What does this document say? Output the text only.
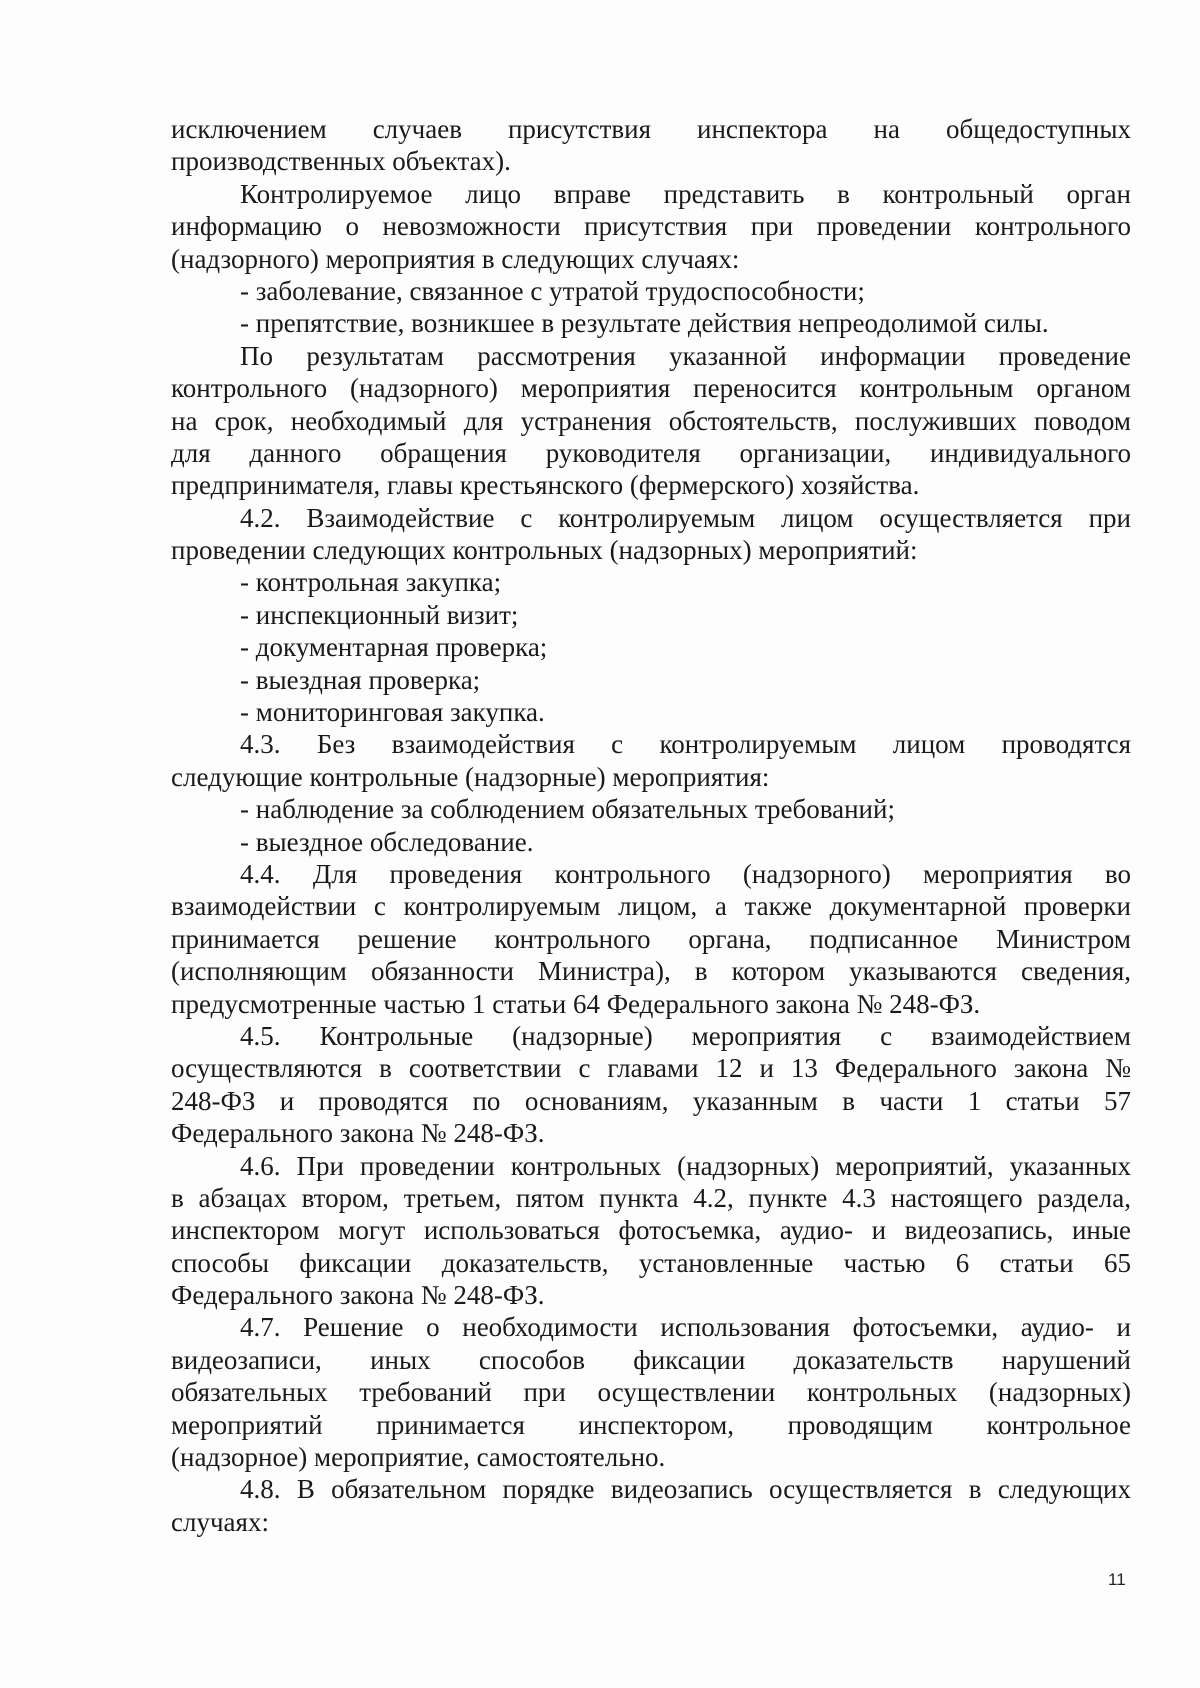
исключением случаев присутствия инспектора на общедоступных
производственных объектах).
Контролируемое лицо вправе представить в контрольный орган
информацию о невозможности присутствия при проведении контрольного
(надзорного) мероприятия в следующих случаях:
- заболевание, связанное с утратой трудоспособности;
- препятствие, возникшее в результате действия непреодолимой силы.
По результатам рассмотрения указанной информации проведение
контрольного (надзорного) мероприятия переносится контрольным органом
на срок, необходимый для устранения обстоятельств, послуживших поводом
для данного обращения руководителя организации, индивидуального
предпринимателя, главы крестьянского (фермерского) хозяйства.
4.2. Взаимодействие с контролируемым лицом осуществляется при
проведении следующих контрольных (надзорных) мероприятий:
- контрольная закупка;
- инспекционный визит;
- документарная проверка;
- выездная проверка;
- мониторинговая закупка.
4.3. Без взаимодействия с контролируемым лицом проводятся
следующие контрольные (надзорные) мероприятия:
- наблюдение за соблюдением обязательных требований;
- выездное обследование.
4.4. Для проведения контрольного (надзорного) мероприятия во
взаимодействии с контролируемым лицом, а также документарной проверки
принимается решение контрольного органа, подписанное Министром
(исполняющим обязанности Министра), в котором указываются сведения,
предусмотренные частью 1 статьи 64 Федерального закона № 248-ФЗ.
4.5. Контрольные (надзорные) мероприятия с взаимодействием
осуществляются в соответствии с главами 12 и 13 Федерального закона №
248-ФЗ и проводятся по основаниям, указанным в части 1 статьи 57
Федерального закона № 248-ФЗ.
4.6. При проведении контрольных (надзорных) мероприятий, указанных
в абзацах втором, третьем, пятом пункта 4.2, пункте 4.3 настоящего раздела,
инспектором могут использоваться фотосъемка, аудио- и видеозапись, иные
способы фиксации доказательств, установленные частью 6 статьи 65
Федерального закона № 248-ФЗ.
4.7. Решение о необходимости использования фотосъемки, аудио- и
видеозаписи, иных способов фиксации доказательств нарушений
обязательных требований при осуществлении контрольных (надзорных)
мероприятий принимается инспектором, проводящим контрольное
(надзорное) мероприятие, самостоятельно.
4.8. В обязательном порядке видеозапись осуществляется в следующих
случаях:
11
